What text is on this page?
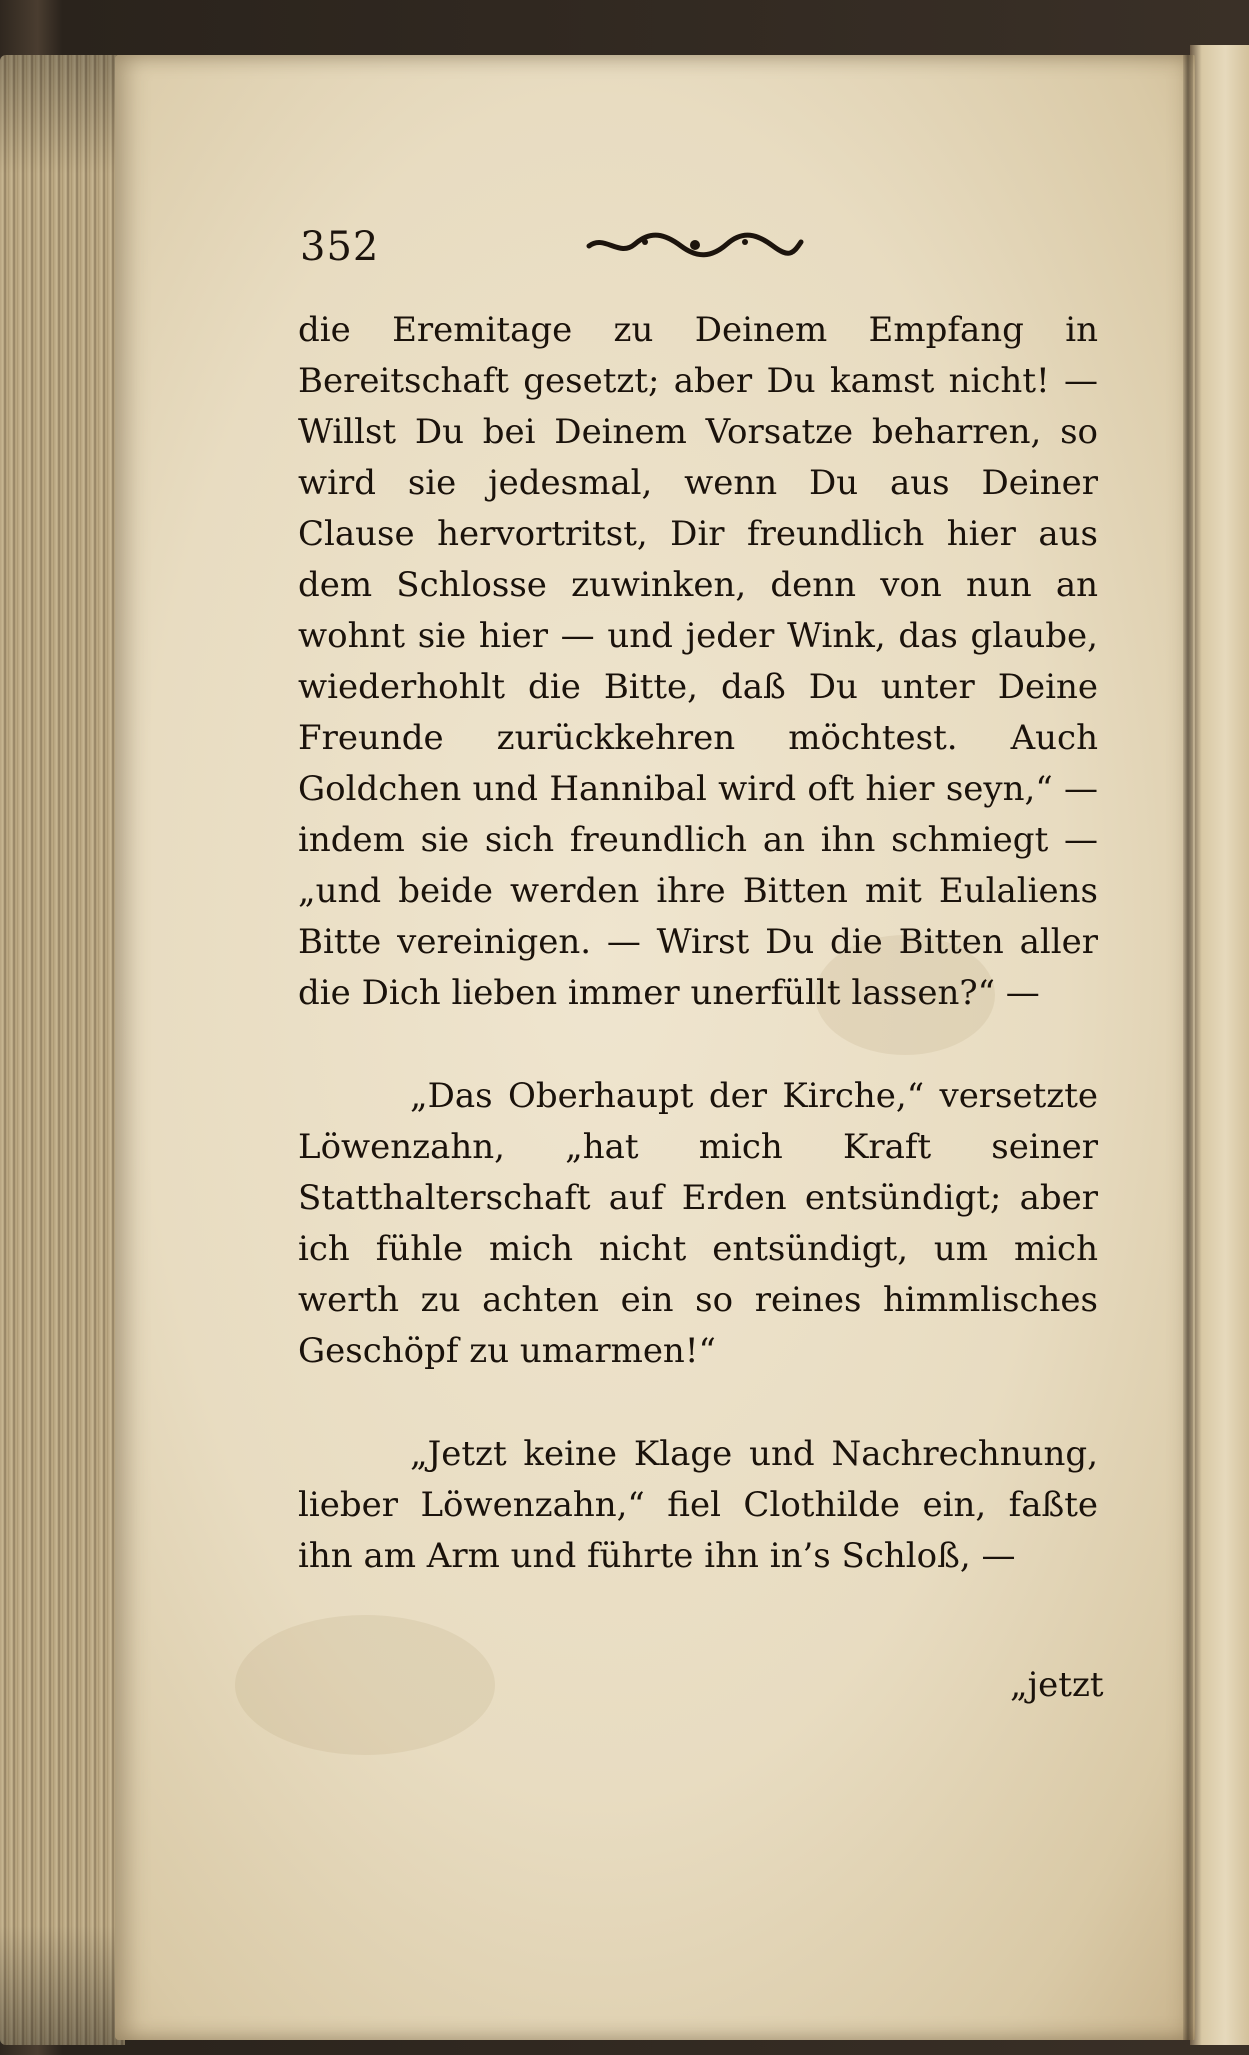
352

die Eremitage zu Deinem Empfang in Bereitschaft gesetzt; aber Du kamst nicht! — Willst Du bei Deinem Vorsatze beharren, so wird sie jedesmal, wenn Du aus Deiner Clause hervortritst, Dir freundlich hier aus dem Schlosse zuwinken, denn von nun an wohnt sie hier — und jeder Wink, das glaube, wiederhohlt die Bitte, daß Du unter Deine Freunde zurückkehren möchtest. Auch Goldchen und Hannibal wird oft hier seyn,“ — indem sie sich freundlich an ihn schmiegt — „und beide werden ihre Bitten mit Eulaliens Bitte vereinigen. — Wirst Du die Bitten aller die Dich lieben immer unerfüllt lassen?“ —

„Das Oberhaupt der Kirche,“ versetzte Löwenzahn, „hat mich Kraft seiner Statthalterschaft auf Erden entsündigt; aber ich fühle mich nicht entsündigt, um mich werth zu achten ein so reines himmlisches Geschöpf zu umarmen!“

„Jetzt keine Klage und Nachrechnung, lieber Löwenzahn,“ fiel Clothilde ein, faßte ihn am Arm und führte ihn in’s Schloß, —

„jetzt
